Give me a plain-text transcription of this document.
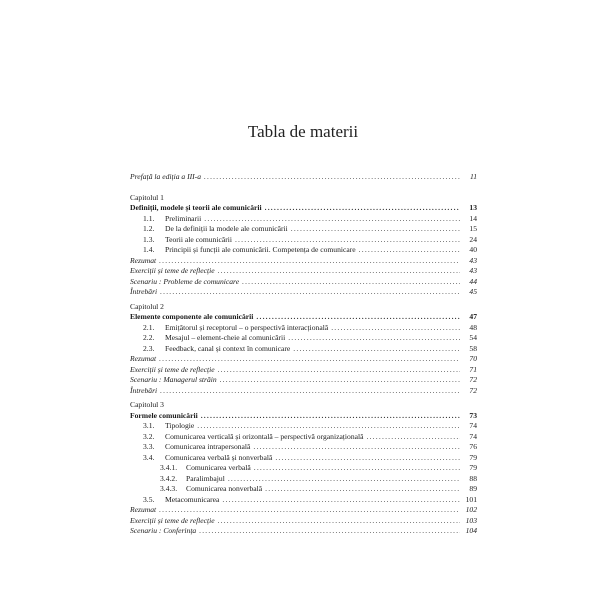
Tabla de materii
Prefață la ediția a III-a .....	11
Capitolul 1
Definiții, modele și teorii ale comunicării .....	13
1.1.	Preliminarii .....	14
1.2.	De la definiții la modele ale comunicării .....	15
1.3.	Teorii ale comunicării .....	24
1.4.	Principii și funcții ale comunicării. Competența de comunicare .....	40
Rezumat .....	43
Exerciții și teme de reflecție .....	43
Scenariu : Probleme de comunicare .....	44
Întrebări .....	45
Capitolul 2
Elemente componente ale comunicării .....	47
2.1.	Emițătorul și receptorul – o perspectivă interacțională .....	48
2.2.	Mesajul – element-cheie al comunicării .....	54
2.3.	Feedback, canal și context în comunicare .....	58
Rezumat .....	70
Exerciții și teme de reflecție .....	71
Scenariu : Managerul străin .....	72
Întrebări .....	72
Capitolul 3
Formele comunicării .....	73
3.1.	Tipologie .....	74
3.2.	Comunicarea verticală și orizontală – perspectivă organizațională .....	74
3.3.	Comunicarea intrapersonală .....	76
3.4.	Comunicarea verbală și nonverbală .....	79
3.4.1.	Comunicarea verbală .....	79
3.4.2.	Paralimbajul .....	88
3.4.3.	Comunicarea nonverbală .....	89
3.5.	Metacomunicarea .....	101
Rezumat .....	102
Exerciții și teme de reflecție .....	103
Scenariu : Conferința .....	104
